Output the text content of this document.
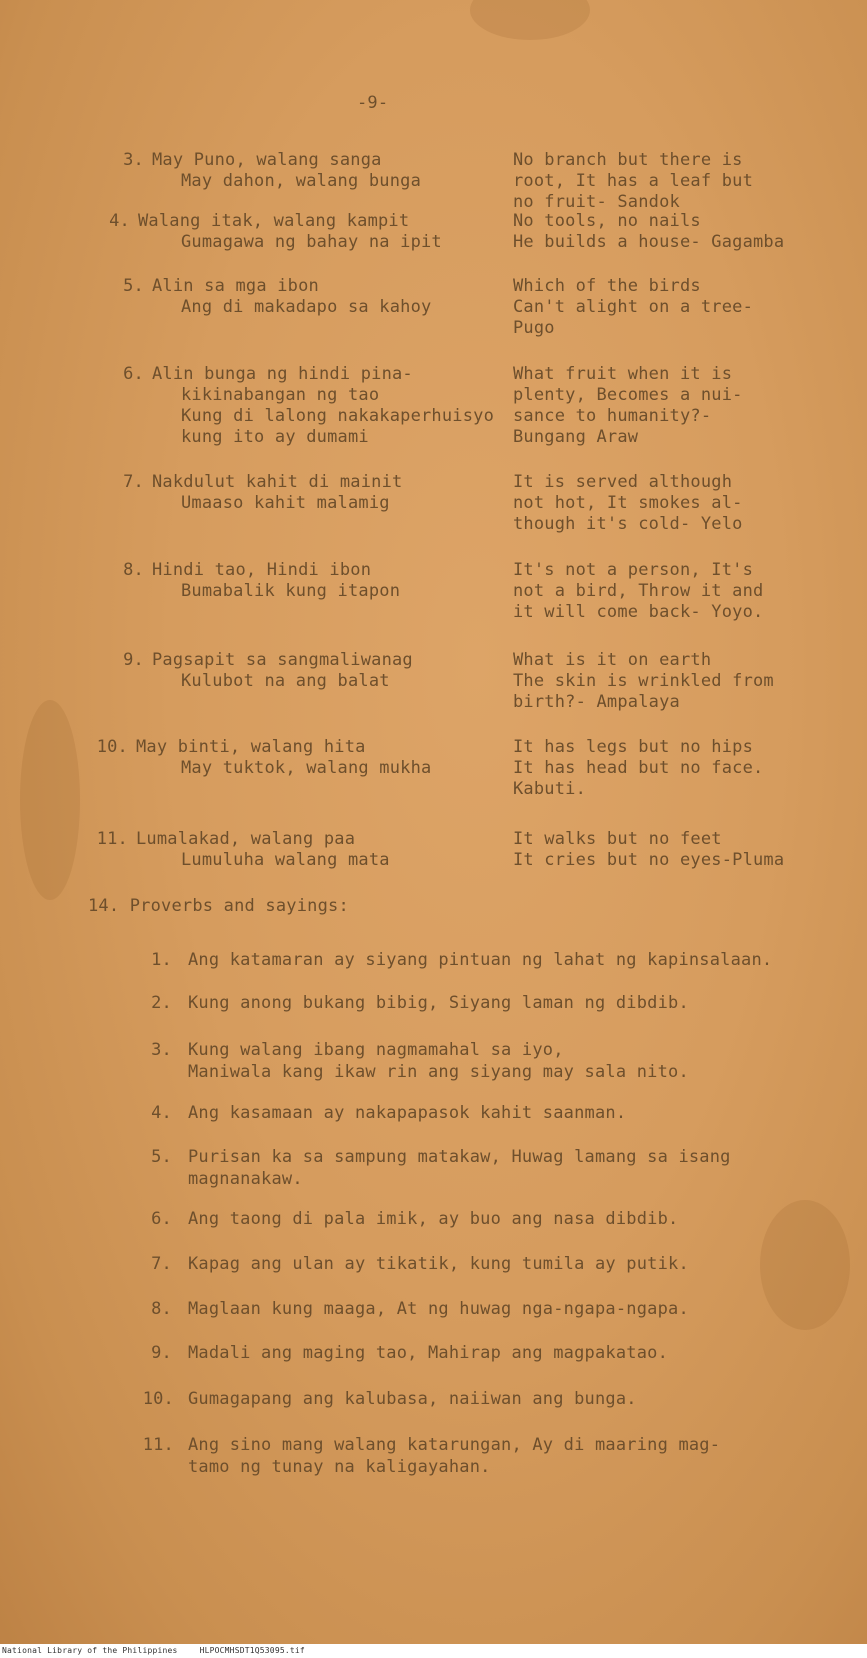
-9-
3. May Puno, walang sanga
May dahon, walang bunga
No branch but there is
root, It has a leaf but
no fruit- Sandok
4. Walang itak, walang kampit
Gumagawa ng bahay na ipit
No tools, no nails
He builds a house- Gagamba
5. Alin sa mga ibon
Ang di makadapo sa kahoy
Which of the birds
Can't alight on a tree-
Pugo
6. Alin bunga ng hindi pina-
kikinabangan ng tao
Kung di lalong nakakaperhuisyo
kung ito ay dumami
What fruit when it is
plenty, Becomes a nui-
sance to humanity?-
Bungang Araw
7. Nakdulut kahit di mainit
Umaaso kahit malamig
It is served although
not hot, It smokes al-
though it's cold- Yelo
8. Hindi tao, Hindi ibon
Bumabalik kung itapon
It's not a person, It's
not a bird, Throw it and
it will come back- Yoyo.
9. Pagsapit sa sangmaliwanag
Kulubot na ang balat
What is it on earth
The skin is wrinkled from
birth?- Ampalaya
10. May binti, walang hita
May tuktok, walang mukha
It has legs but no hips
It has head but no face.
Kabuti.
11. Lumalakad, walang paa
Lumuluha walang mata
It walks but no feet
It cries but no eyes-Pluma
14. Proverbs and sayings:
1. Ang katamaran ay siyang pintuan ng lahat ng kapinsalaan.
2. Kung anong bukang bibig, Siyang laman ng dibdib.
3. Kung walang ibang nagmamahal sa iyo,
Maniwala kang ikaw rin ang siyang may sala nito.
4. Ang kasamaan ay nakapapasok kahit saanman.
5. Purisan ka sa sampung matakaw, Huwag lamang sa isang
magnanakaw.
6. Ang taong di pala imik, ay buo ang nasa dibdib.
7. Kapag ang ulan ay tikatik, kung tumila ay putik.
8. Maglaan kung maaga, At ng huwag nga-ngapa-ngapa.
9. Madali ang maging tao, Mahirap ang magpakatao.
10. Gumagapang ang kalubasa, naiiwan ang bunga.
11. Ang sino mang walang katarungan, Ay di maaring mag-
tamo ng tunay na kaligayahan.
National Library of the Philippines	HLPOCMHSDT1Q53095.tif
